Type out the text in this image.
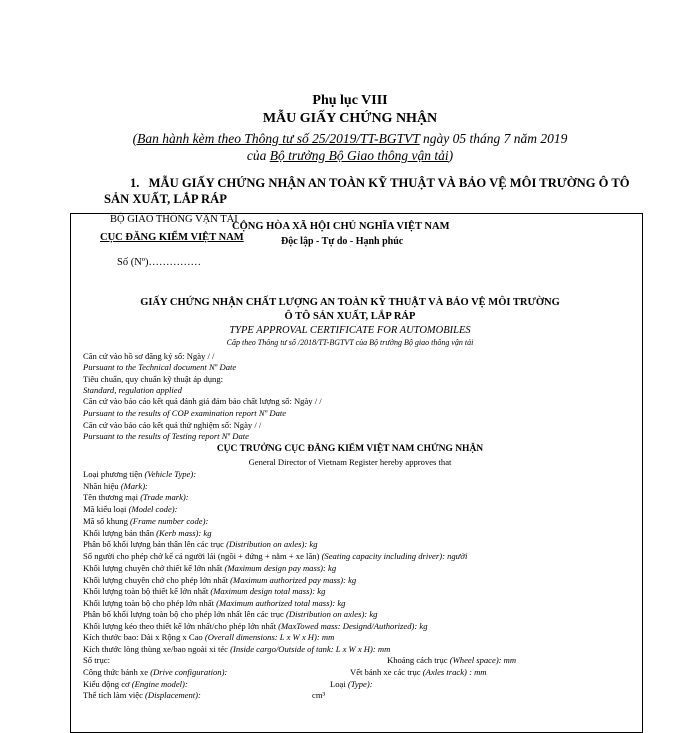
Phụ lục VIII
MẪU GIẤY CHỨNG NHẬN
(Ban hành kèm theo Thông tư số 25/2019/TT-BGTVT ngày 05 tháng 7 năm 2019
của Bộ trưởng Bộ Giao thông vận tải)
1. MẪU GIẤY CHỨNG NHẬN AN TOÀN KỸ THUẬT VÀ BẢO VỆ MÔI TRƯỜNG Ô TÔ
SẢN XUẤT, LẮP RÁP
BỘ GIAO THÔNG VẬN TẢI
CỤC ĐĂNG KIỂM VIỆT NAM
CỘNG HÒA XÃ HỘI CHỦ NGHĨA VIỆT NAM
Độc lập - Tự do - Hạnh phúc
Số (Nº)……………
GIẤY CHỨNG NHẬN CHẤT LƯỢNG AN TOÀN KỸ THUẬT VÀ BẢO VỆ MÔI TRƯỜNG
Ô TÔ SẢN XUẤT, LẮP RÁP
TYPE APPROVAL CERTIFICATE FOR AUTOMOBILES
Cấp theo Thông tư số /2018/TT-BGTVT của Bộ trưởng Bộ giao thông vận tải
Căn cứ vào hồ sơ đăng ký số: Ngày / /
Pursuant to the Technical document Nº Date
Tiêu chuẩn, quy chuẩn kỹ thuật áp dụng:
Standard, regulation applied
Căn cứ vào báo cáo kết quả đánh giá đảm bảo chất lượng số: Ngày / /
Pursuant to the results of COP examination report Nº Date
Căn cứ vào báo cáo kết quả thử nghiệm số: Ngày / /
Pursuant to the results of Testing report Nº Date
CỤC TRƯỞNG CỤC ĐĂNG KIỂM VIỆT NAM CHỨNG NHẬN
General Director of Vietnam Register hereby approves that
Loại phương tiện (Vehicle Type):
Nhãn hiệu (Mark):
Tên thương mại (Trade mark):
Mã kiểu loại (Model code):
Mã số khung (Frame number code):
Khối lượng bản thân (Kerb mass): kg
Phân bố khối lượng bản thân lên các trục (Distribution on axles): kg
Số người cho phép chở kể cả người lái (ngồi + đứng + nằm + xe lăn) (Seating capacity including driver): người
Khối lượng chuyên chở thiết kế lớn nhất (Maximum design pay mass): kg
Khối lượng chuyên chở cho phép lớn nhất (Maximum authorized pay mass): kg
Khối lượng toàn bộ thiết kế lớn nhất (Maximum design total mass): kg
Khối lượng toàn bộ cho phép lớn nhất (Maximum authorized total mass): kg
Phân bố khối lượng toàn bộ cho phép lớn nhất lên các trục (Distribution on axles): kg
Khối lượng kéo theo thiết kế lớn nhất/cho phép lớn nhất (MaxTowed mass: Designd/Authorized): kg
Kích thước bao: Dài x Rộng x Cao (Overall dimensions: L x W x H): mm
Kích thước lòng thùng xe/bao ngoài xi téc (Inside cargo/Outside of tank: L x W x H): mm
Số trục:	Khoảng cách trục (Wheel space): mm
Công thức bánh xe (Drive configuration):	Vết bánh xe các trục (Axles track) : mm
Kiểu động cơ (Engine model):	Loại (Type):
Thể tích làm việc (Displacement):	cm³
